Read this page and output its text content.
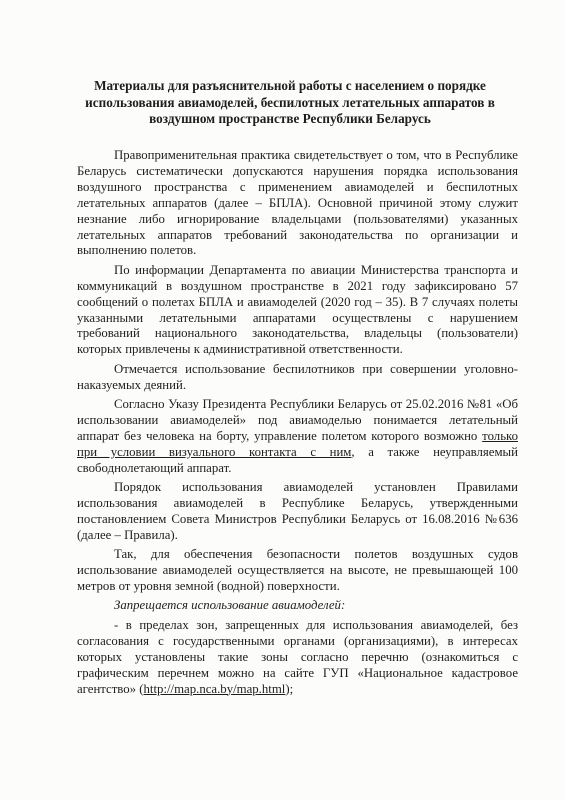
Материалы для разъяснительной работы с населением о порядке использования авиамоделей, беспилотных летательных аппаратов в воздушном пространстве Республики Беларусь

Правоприменительная практика свидетельствует о том, что в Республике Беларусь систематически допускаются нарушения порядка использования воздушного пространства с применением авиамоделей и беспилотных летательных аппаратов (далее – БПЛА). Основной причиной этому служит незнание либо игнорирование владельцами (пользователями) указанных летательных аппаратов требований законодательства по организации и выполнению полетов.

По информации Департамента по авиации Министерства транспорта и коммуникаций в воздушном пространстве в 2021 году зафиксировано 57 сообщений о полетах БПЛА и авиамоделей (2020 год – 35). В 7 случаях полеты указанными летательными аппаратами осуществлены с нарушением требований национального законодательства, владельцы (пользователи) которых привлечены к административной ответственности.

Отмечается использование беспилотников при совершении уголовно-наказуемых деяний.

Согласно Указу Президента Республики Беларусь от 25.02.2016 №81 «Об использовании авиамоделей» под авиамоделью понимается летательный аппарат без человека на борту, управление полетом которого возможно только при условии визуального контакта с ним, а также неуправляемый свободнолетающий аппарат.

Порядок использования авиамоделей установлен Правилами использования авиамоделей в Республике Беларусь, утвержденными постановлением Совета Министров Республики Беларусь от 16.08.2016 №636 (далее – Правила).

Так, для обеспечения безопасности полетов воздушных судов использование авиамоделей осуществляется на высоте, не превышающей 100 метров от уровня земной (водной) поверхности.

Запрещается использование авиамоделей:

- в пределах зон, запрещенных для использования авиамоделей, без согласования с государственными органами (организациями), в интересах которых установлены такие зоны согласно перечню (ознакомиться с графическим перечнем можно на сайте ГУП «Национальное кадастровое агентство» (http://map.nca.by/map.html);
